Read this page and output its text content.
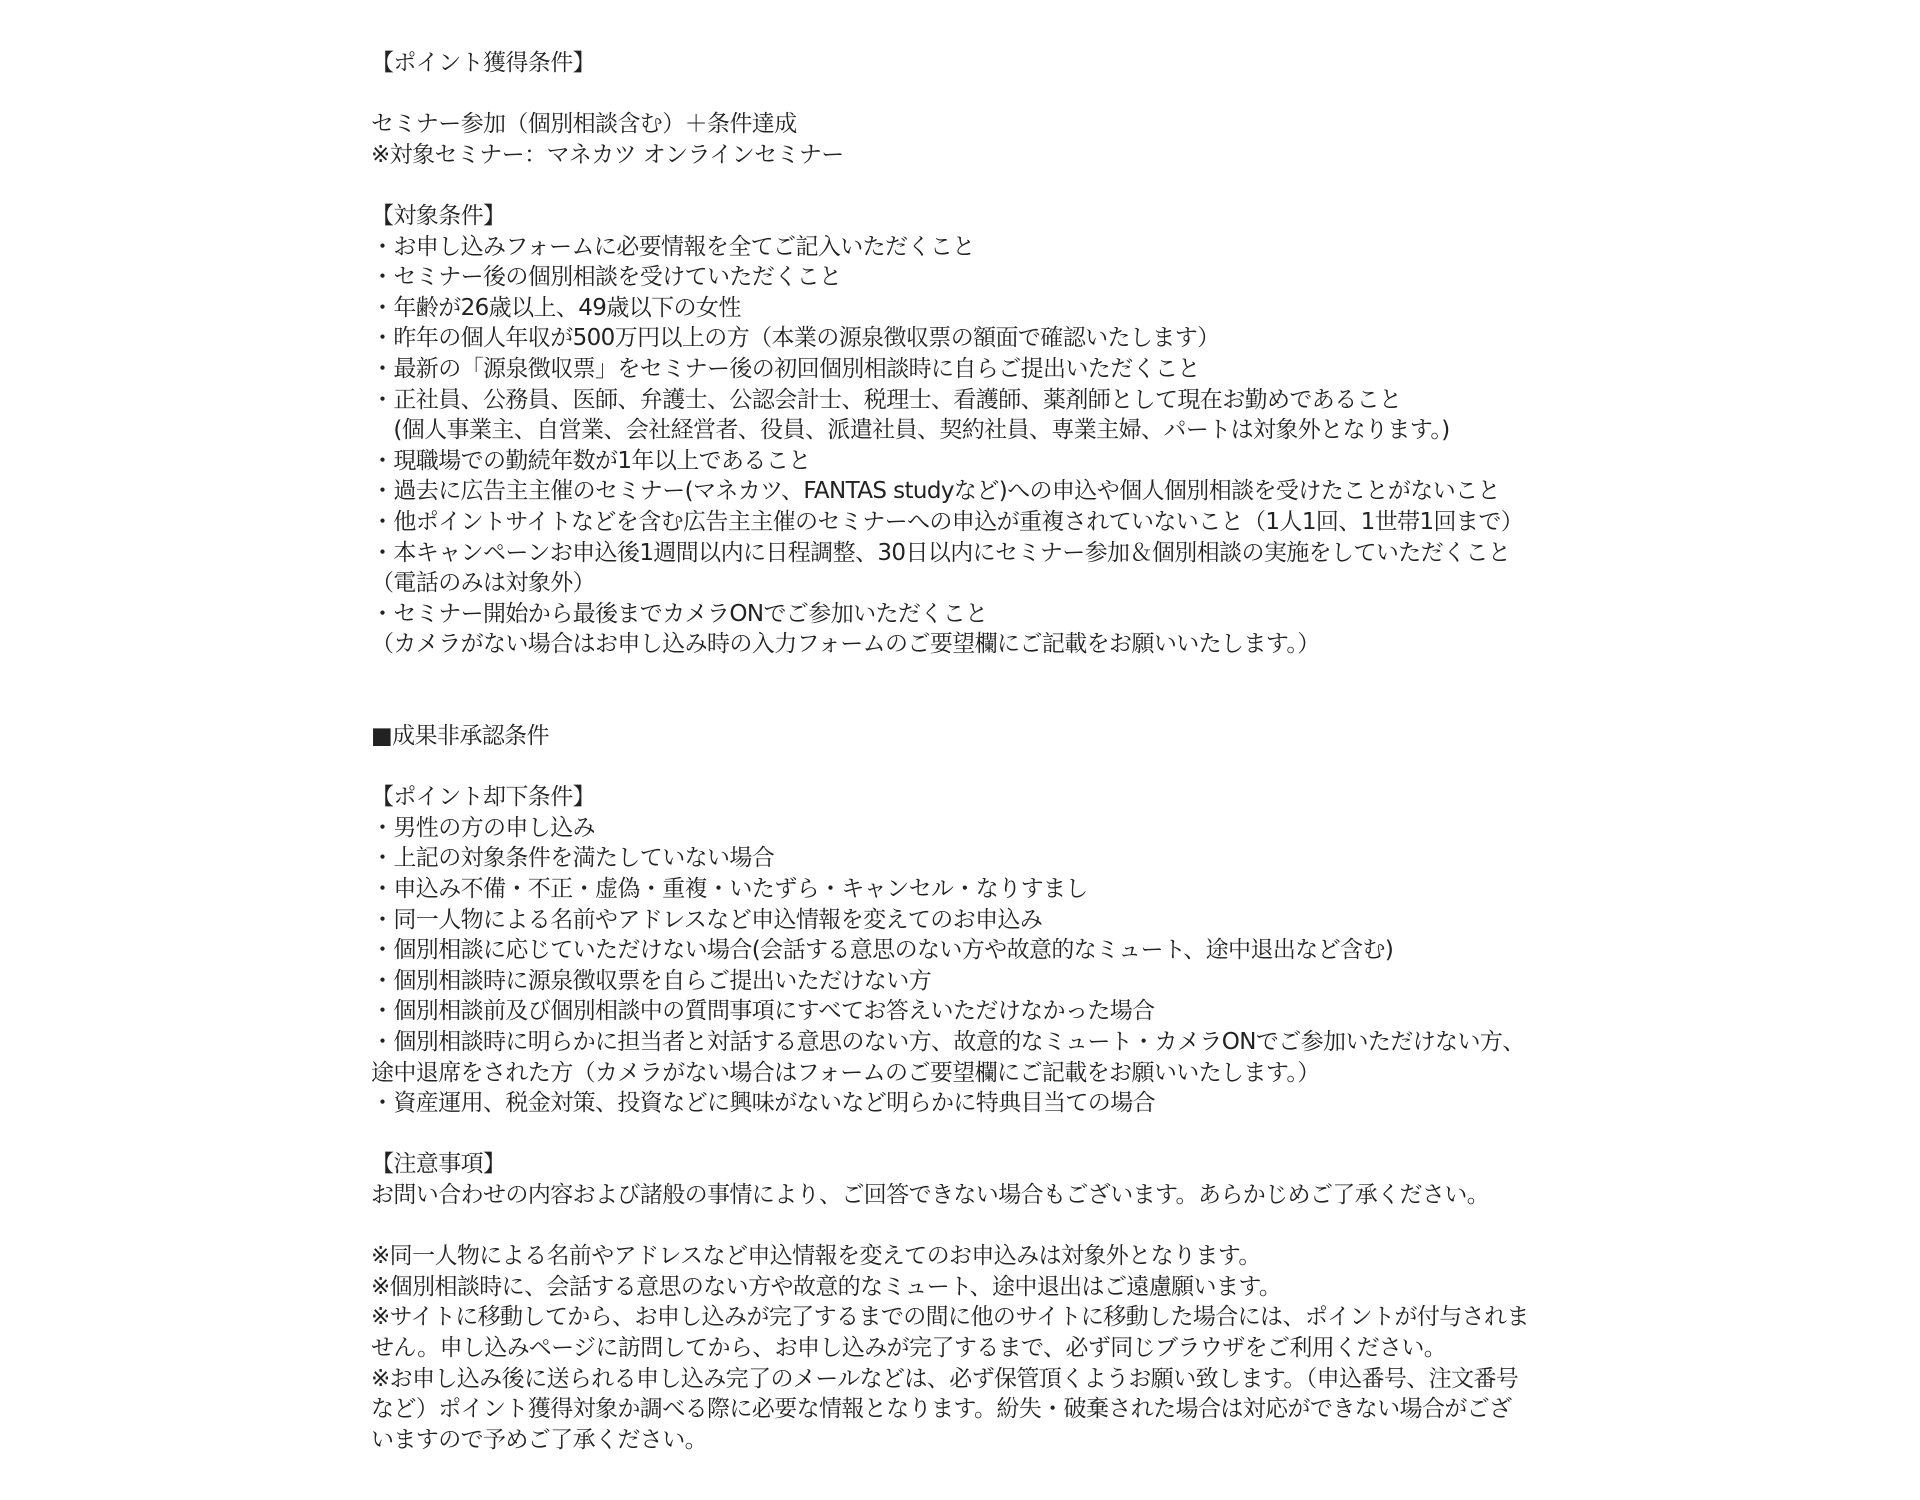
【ポイント獲得条件】
セミナー参加（個別相談含む）＋条件達成
※対象セミナー：マネカツ オンラインセミナー
【対象条件】
・お申し込みフォームに必要情報を全てご記入いただくこと
・セミナー後の個別相談を受けていただくこと
・年齢が26歳以上、49歳以下の女性
・昨年の個人年収が500万円以上の方（本業の源泉徴収票の額面で確認いたします）
・最新の「源泉徴収票」をセミナー後の初回個別相談時に自らご提出いただくこと
・正社員、公務員、医師、弁護士、公認会計士、税理士、看護師、薬剤師として現在お勤めであること
　(個人事業主、自営業、会社経営者、役員、派遣社員、契約社員、専業主婦、パートは対象外となります。)
・現職場での勤続年数が1年以上であること
・過去に広告主主催のセミナー(マネカツ、FANTAS studyなど)への申込や個人個別相談を受けたことがないこと
・他ポイントサイトなどを含む広告主主催のセミナーへの申込が重複されていないこと（1人1回、1世帯1回まで）
・本キャンペーンお申込後1週間以内に日程調整、30日以内にセミナー参加＆個別相談の実施をしていただくこと
（電話のみは対象外）
・セミナー開始から最後までカメラONでご参加いただくこと
（カメラがない場合はお申し込み時の入力フォームのご要望欄にご記載をお願いいたします。）
■成果非承認条件
【ポイント却下条件】
・男性の方の申し込み
・上記の対象条件を満たしていない場合
・申込み不備・不正・虚偽・重複・いたずら・キャンセル・なりすまし
・同一人物による名前やアドレスなど申込情報を変えてのお申込み
・個別相談に応じていただけない場合(会話する意思のない方や故意的なミュート、途中退出など含む)
・個別相談時に源泉徴収票を自らご提出いただけない方
・個別相談前及び個別相談中の質問事項にすべてお答えいただけなかった場合
・個別相談時に明らかに担当者と対話する意思のない方、故意的なミュート・カメラONでご参加いただけない方、
途中退席をされた方（カメラがない場合はフォームのご要望欄にご記載をお願いいたします。）
・資産運用、税金対策、投資などに興味がないなど明らかに特典目当ての場合
【注意事項】
お問い合わせの内容および諸般の事情により、ご回答できない場合もございます。あらかじめご了承ください。
※同一人物による名前やアドレスなど申込情報を変えてのお申込みは対象外となります。
※個別相談時に、会話する意思のない方や故意的なミュート、途中退出はご遠慮願います。
※サイトに移動してから、お申し込みが完了するまでの間に他のサイトに移動した場合には、ポイントが付与されま
せん。申し込みページに訪問してから、お申し込みが完了するまで、必ず同じブラウザをご利用ください。
※お申し込み後に送られる申し込み完了のメールなどは、必ず保管頂くようお願い致します。（申込番号、注文番号
など）ポイント獲得対象か調べる際に必要な情報となります。紛失・破棄された場合は対応ができない場合がござ
いますので予めご了承ください。
